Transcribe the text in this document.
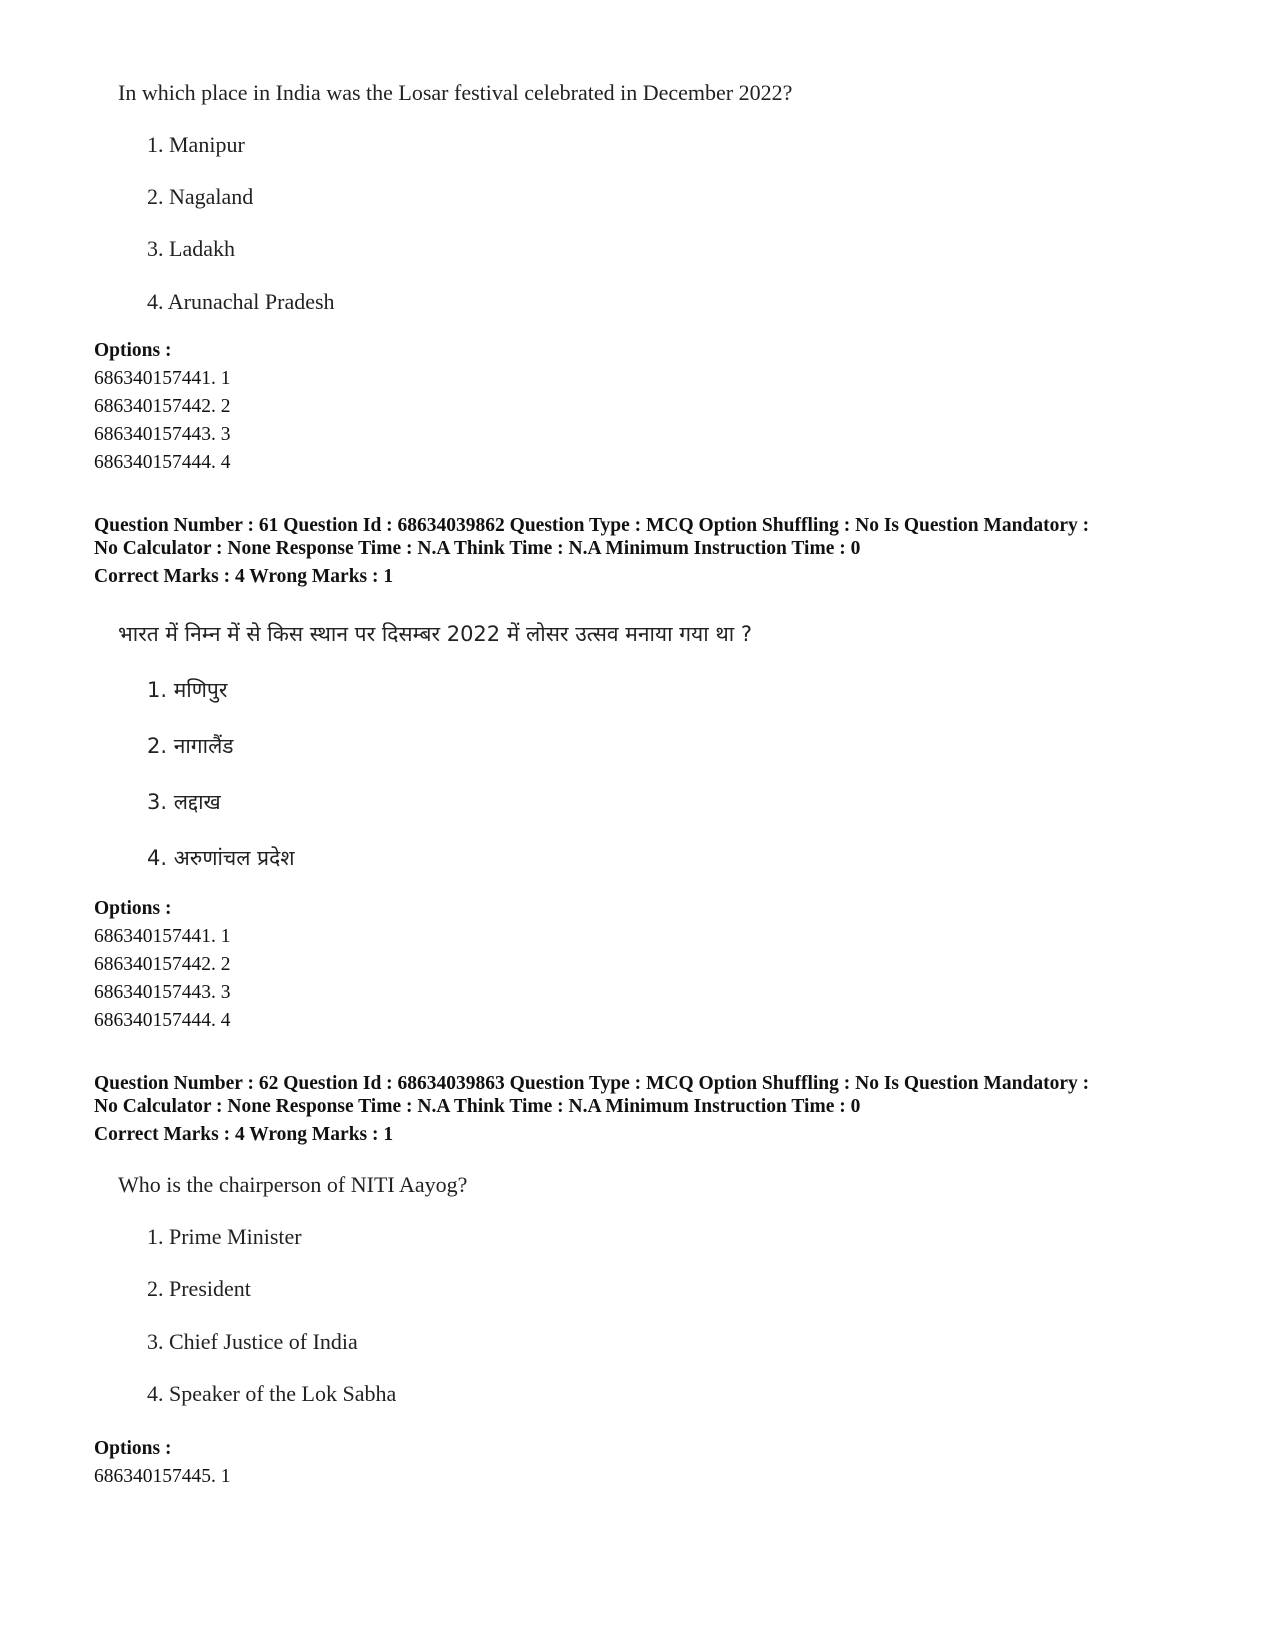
In which place in India was the Losar festival celebrated in December 2022?
1. Manipur
2. Nagaland
3. Ladakh
4. Arunachal Pradesh
Options :
686340157441. 1
686340157442. 2
686340157443. 3
686340157444. 4
Question Number : 61 Question Id : 68634039862 Question Type : MCQ Option Shuffling : No Is Question Mandatory :
No Calculator : None Response Time : N.A Think Time : N.A Minimum Instruction Time : 0
Correct Marks : 4 Wrong Marks : 1
भारत में निम्न में से किस स्थान पर दिसम्बर 2022 में लोसर उत्सव मनाया गया था ?
1. मणिपुर
2. नागालैंड
3. लद्दाख
4. अरुणांचल प्रदेश
Options :
686340157441. 1
686340157442. 2
686340157443. 3
686340157444. 4
Question Number : 62 Question Id : 68634039863 Question Type : MCQ Option Shuffling : No Is Question Mandatory :
No Calculator : None Response Time : N.A Think Time : N.A Minimum Instruction Time : 0
Correct Marks : 4 Wrong Marks : 1
Who is the chairperson of NITI Aayog?
1. Prime Minister
2. President
3. Chief Justice of India
4. Speaker of the Lok Sabha
Options :
686340157445. 1
